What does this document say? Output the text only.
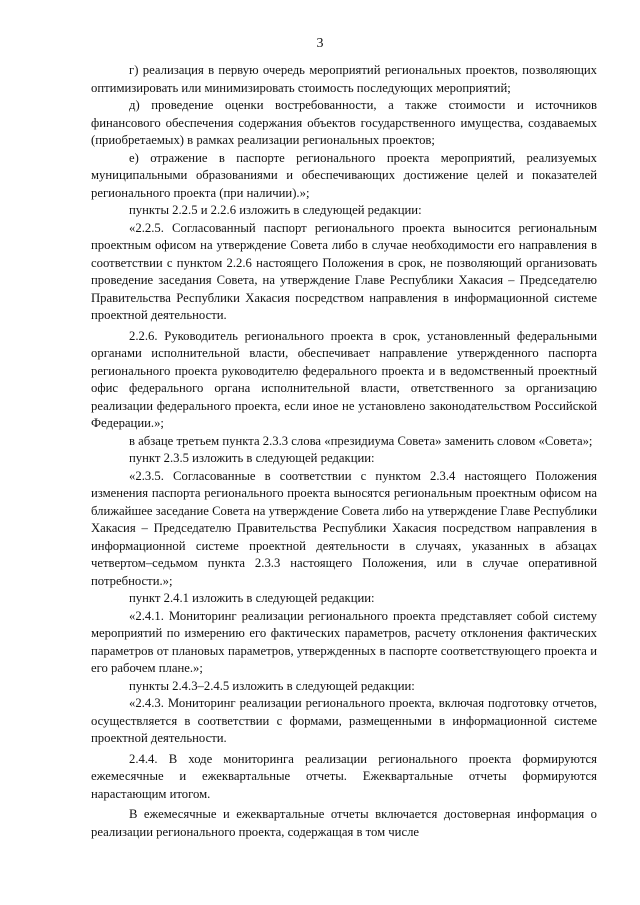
3

г) реализация в первую очередь мероприятий региональных проектов, позволяющих оптимизировать или минимизировать стоимость последующих мероприятий;

д) проведение оценки востребованности, а также стоимости и источников финансового обеспечения содержания объектов государственного имущества, создаваемых (приобретаемых) в рамках реализации региональных проектов;

е) отражение в паспорте регионального проекта мероприятий, реализуемых муниципальными образованиями и обеспечивающих достижение целей и показателей регионального проекта (при наличии).»;

пункты 2.2.5 и 2.2.6 изложить в следующей редакции:

«2.2.5. Согласованный паспорт регионального проекта выносится региональным проектным офисом на утверждение Совета либо в случае необходимости его направления в соответствии с пунктом 2.2.6 настоящего Положения в срок, не позволяющий организовать проведение заседания Совета, на утверждение Главе Республики Хакасия – Председателю Правительства Республики Хакасия посредством направления в информационной системе проектной деятельности.

2.2.6. Руководитель регионального проекта в срок, установленный федеральными органами исполнительной власти, обеспечивает направление утвержденного паспорта регионального проекта руководителю федерального проекта и в ведомственный проектный офис федерального органа исполнительной власти, ответственного за организацию реализации федерального проекта, если иное не установлено законодательством Российской Федерации.»;

в абзаце третьем пункта 2.3.3 слова «президиума Совета» заменить словом «Совета»;

пункт 2.3.5 изложить в следующей редакции:

«2.3.5. Согласованные в соответствии с пунктом 2.3.4 настоящего Положения изменения паспорта регионального проекта выносятся региональным проектным офисом на ближайшее заседание Совета на утверждение Совета либо на утверждение Главе Республики Хакасия – Председателю Правительства Республики Хакасия посредством направления в информационной системе проектной деятельности в случаях, указанных в абзацах четвертом–седьмом пункта 2.3.3 настоящего Положения, или в случае оперативной потребности.»;

пункт 2.4.1 изложить в следующей редакции:

«2.4.1. Мониторинг реализации регионального проекта представляет собой систему мероприятий по измерению его фактических параметров, расчету отклонения фактических параметров от плановых параметров, утвержденных в паспорте соответствующего проекта и его рабочем плане.»;

пункты 2.4.3–2.4.5 изложить в следующей редакции:

«2.4.3. Мониторинг реализации регионального проекта, включая подготовку отчетов, осуществляется в соответствии с формами, размещенными в информационной системе проектной деятельности.

2.4.4. В ходе мониторинга реализации регионального проекта формируются ежемесячные и ежеквартальные отчеты. Ежеквартальные отчеты формируются нарастающим итогом.

В ежемесячные и ежеквартальные отчеты включается достоверная информация о реализации регионального проекта, содержащая в том числе
